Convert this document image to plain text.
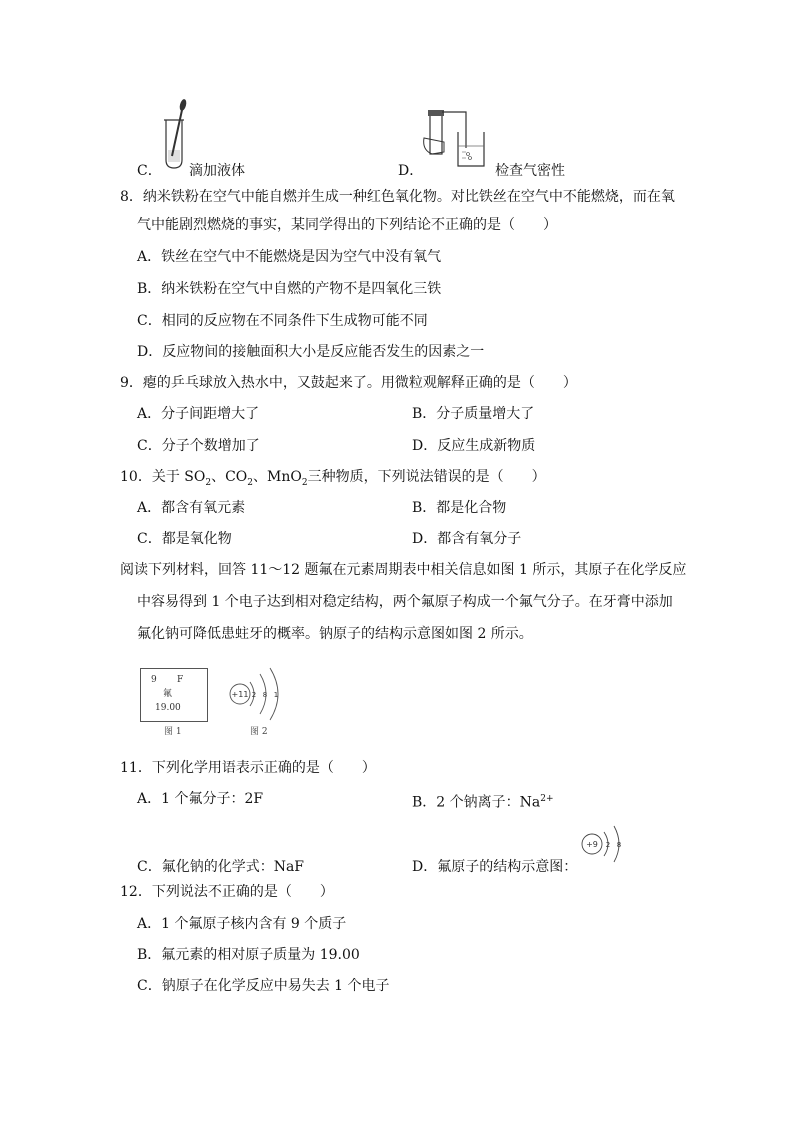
C． 滴加液体	D．	检查气密性
8．纳米铁粉在空气中能自燃并生成一种红色氧化物。对比铁丝在空气中不能燃烧，而在氧
气中能剧烈燃烧的事实，某同学得出的下列结论不正确的是（　　）
A．铁丝在空气中不能燃烧是因为空气中没有氧气
B．纳米铁粉在空气中自燃的产物不是四氧化三铁
C．相同的反应物在不同条件下生成物可能不同
D．反应物间的接触面积大小是反应能否发生的因素之一
9．瘪的乒乓球放入热水中，又鼓起来了。用微粒观解释正确的是（　　）
A．分子间距增大了	B．分子质量增大了
C．分子个数增加了	D．反应生成新物质
10．关于 $SO_2$、$CO_2$、MnO$_2$三种物质，下列说法错误的是（　　）
A．都含有氧元素	B．都是化合物
C．都是氧化物	D．都含有氧分子
阅读下列材料，回答 11～12 题氟在元素周期表中相关信息如图 1 所示，其原子在化学反应
中容易得到 1 个电子达到相对稳定结构，两个氟原子构成一个氟气分子。在牙膏中添加
氟化钠可降低患蛀牙的概率。钠原子的结构示意图如图 2 所示。
9 F
氟
19.00
图 1
+11 2 8 1
图 2
11．下列化学用语表示正确的是（　　）
A．1 个氟分子：2F	B．2 个钠离子：$Na^{2+}$
C．氟化钠的化学式：NaF	D．氟原子的结构示意图：
+9 2 8
12．下列说法不正确的是（　　）
A．1 个氟原子核内含有 9 个质子
B．氟元素的相对原子质量为 19.00
C．钠原子在化学反应中易失去 1 个电子
